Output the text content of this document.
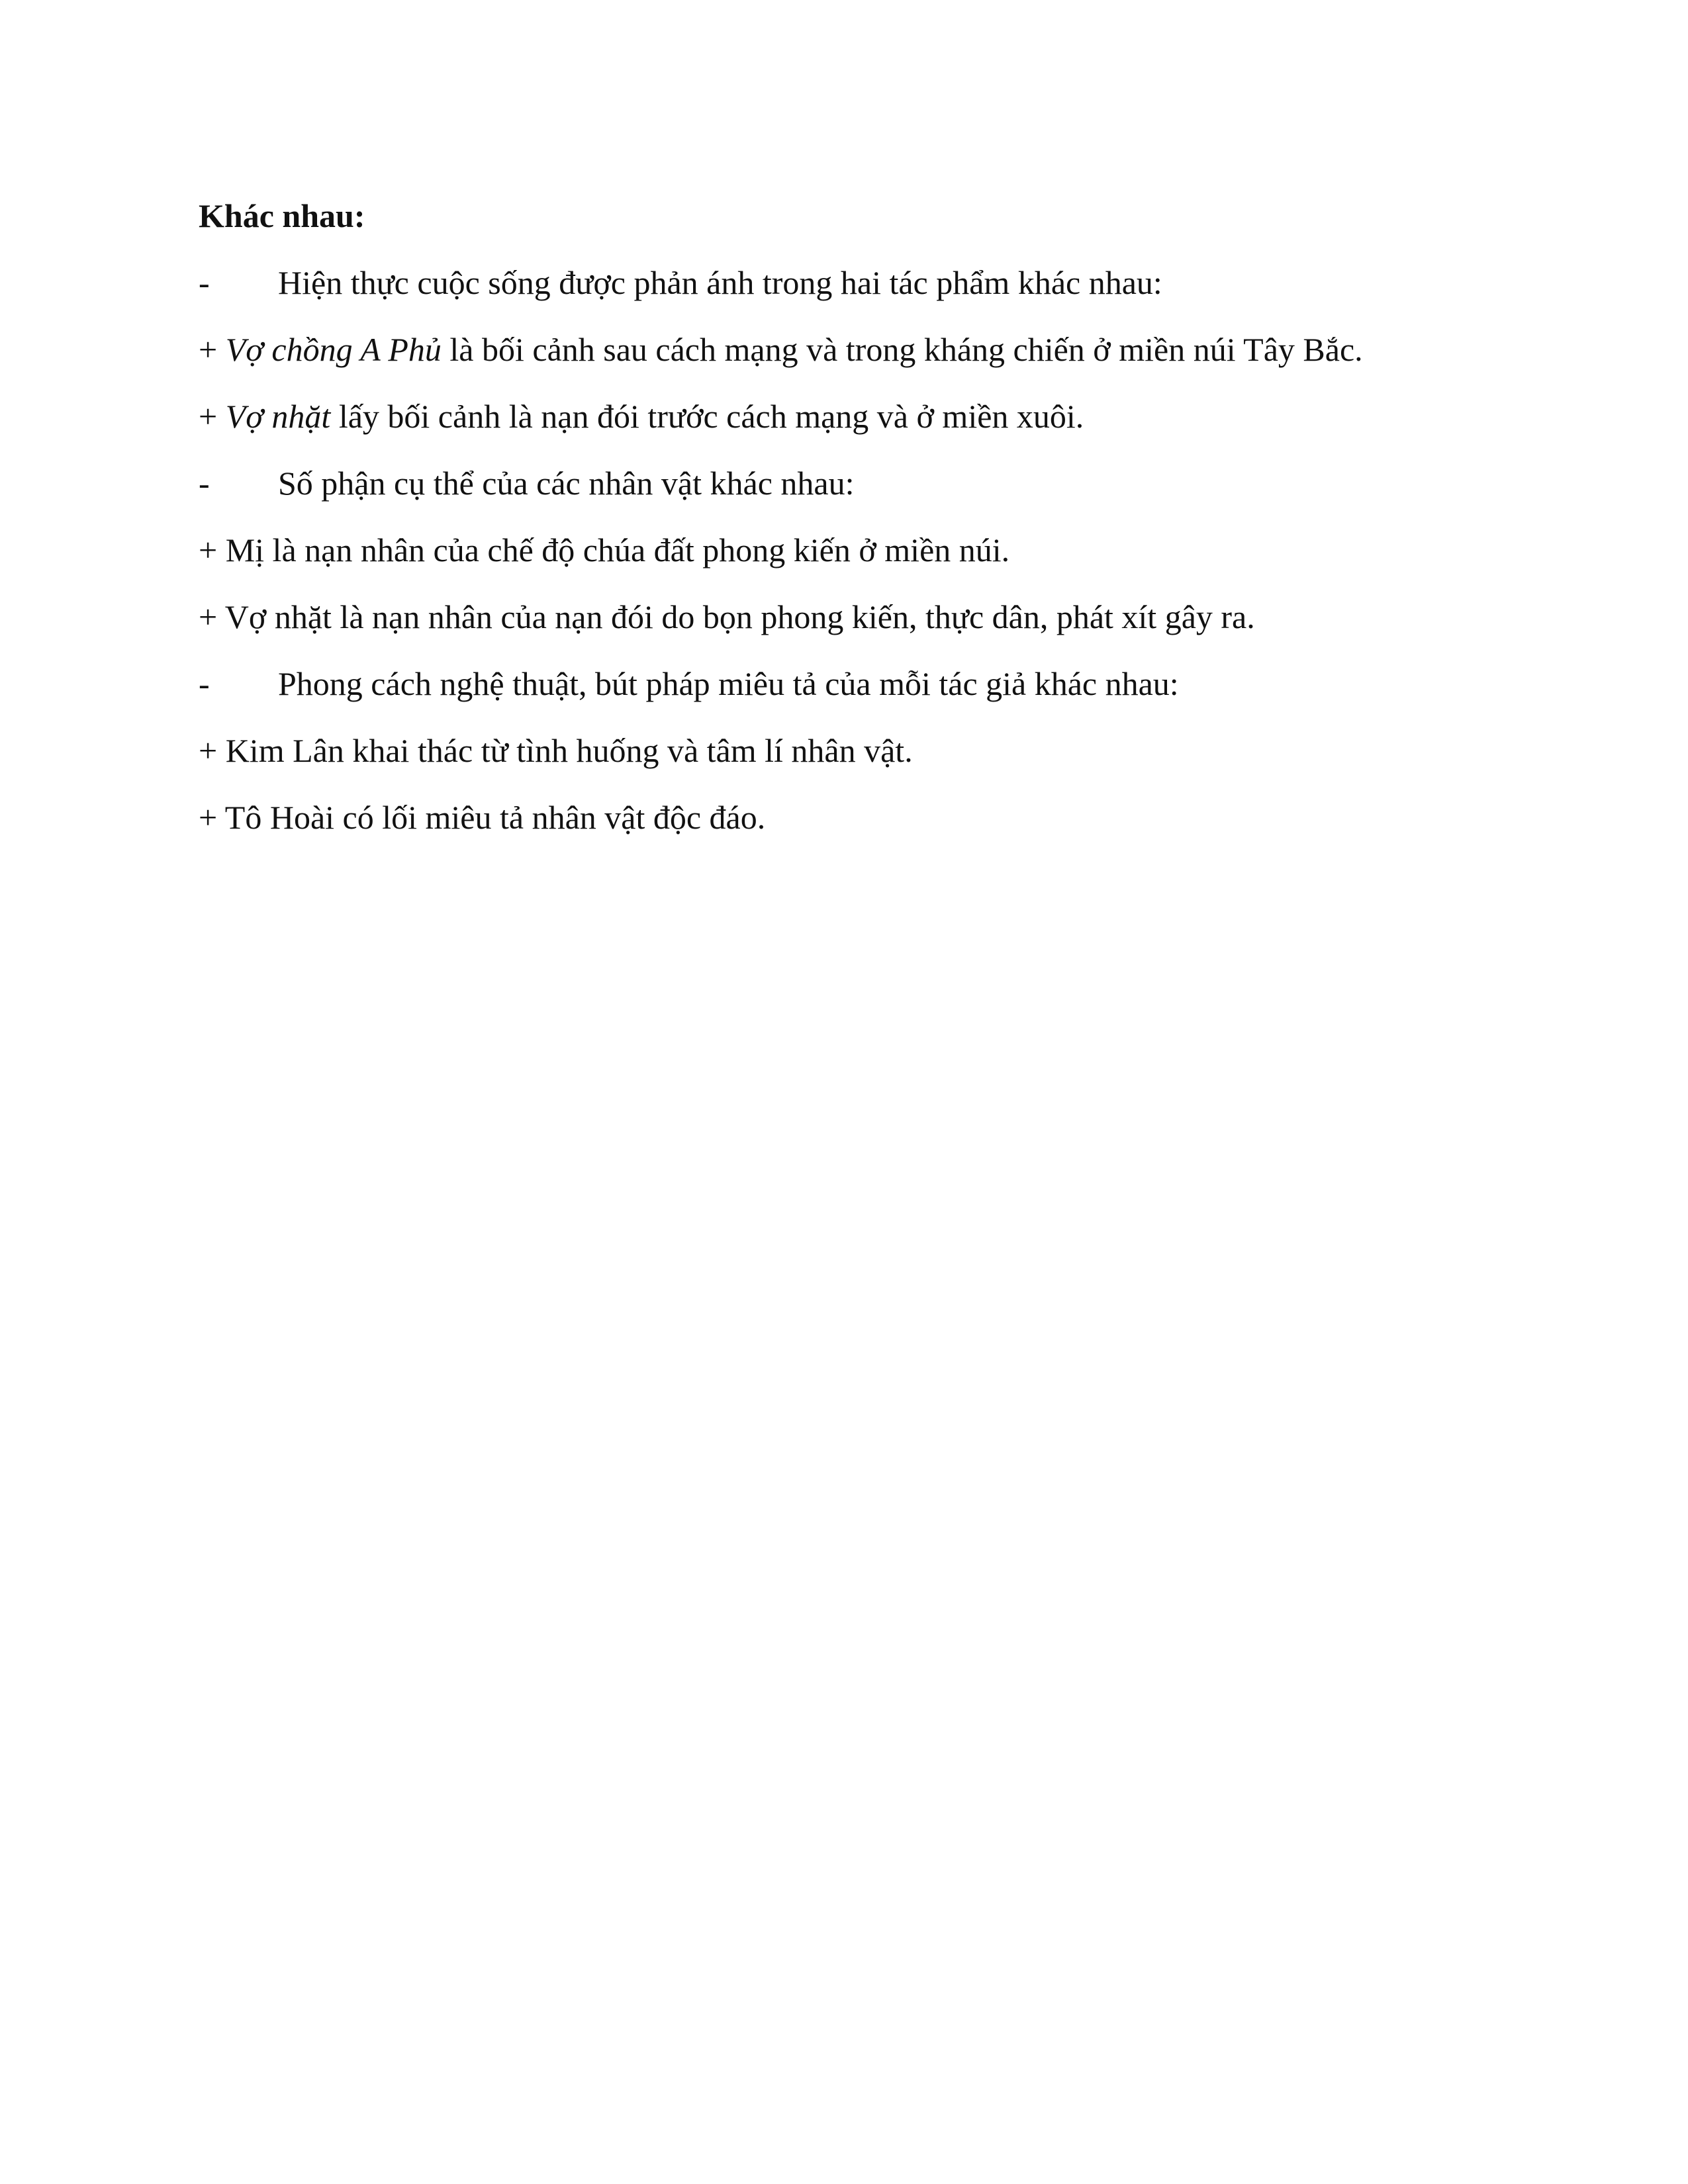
Khác nhau:

- Hiện thực cuộc sống được phản ánh trong hai tác phẩm khác nhau:

+ Vợ chồng A Phủ là bối cảnh sau cách mạng và trong kháng chiến ở miền núi Tây Bắc.

+ Vợ nhặt lấy bối cảnh là nạn đói trước cách mạng và ở miền xuôi.

- Số phận cụ thể của các nhân vật khác nhau:

+ Mị là nạn nhân của chế độ chúa đất phong kiến ở miền núi.

+ Vợ nhặt là nạn nhân của nạn đói do bọn phong kiến, thực dân, phát xít gây ra.

- Phong cách nghệ thuật, bút pháp miêu tả của mỗi tác giả khác nhau:

+ Kim Lân khai thác từ tình huống và tâm lí nhân vật.

+ Tô Hoài có lối miêu tả nhân vật độc đáo.
